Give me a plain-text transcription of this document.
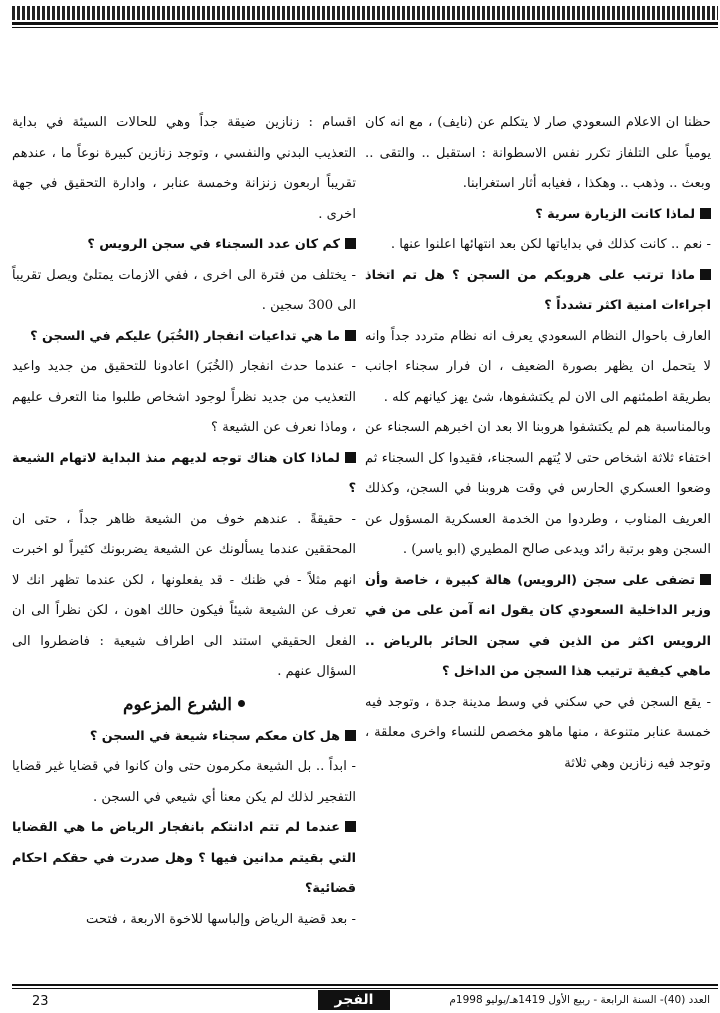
حظنا ان الاعلام السعودي صار لا يتكلم عن (نايف) ، مع انه كان يومياً على التلفاز تكرر نفس الاسطوانة : استقبل .. والتقى .. وبعث .. وذهب .. وهكذا ، فغيابه أثار استغرابنا.

لماذا كانت الزيارة سرية ؟

- نعم .. كانت كذلك في بداياتها لكن بعد انتهائها اعلنوا عنها .

ماذا ترتب على هروبكم من السجن ؟ هل تم اتخاذ اجراءات امنية اكثر تشدداً ؟

العارف باحوال النظام السعودي يعرف انه نظام متردد جداً وانه لا يتحمل ان يظهر بصورة الضعيف ، ان فرار سجناء اجانب بطريقة اطمئنهم الى الان لم يكتشفوها، شئ يهز كيانهم كله .

وبالمناسبة هم لم يكتشفوا هروبنا الا بعد ان اخبرهم السجناء عن اختفاء ثلاثة اشخاص حتى لا يُتهم السجناء، فقيدوا كل السجناء ثم وضعوا العسكري الحارس في وقت هروبنا في السجن، وكذلك العريف المناوب ، وطردوا من الخدمة العسكرية المسؤول عن السجن وهو برتبة رائد ويدعى صالح المطيري (ابو ياسر) .

تضفى على سجن (الرويس) هالة كبيرة ، خاصة وأن وزير الداخلية السعودي كان يقول انه آمن على من في الرويس اكثر من الذين في سجن الحائر بالرياض .. ماهي كيفية ترتيب هذا السجن من الداخل ؟

- يقع السجن في حي سكني في وسط مدينة جدة ، وتوجد فيه خمسة عنابر متنوعة ، منها ماهو مخصص للنساء واخرى معلقة ، وتوجد فيه زنازين وهي ثلاثة

اقسام : زنازين ضيقة جداً وهي للحالات السيئة في بداية التعذيب البدني والنفسي ، وتوجد زنازين كبيرة نوعاً ما ، عندهم تقريباً اربعون زنزانة وخمسة عنابر ، وادارة التحقيق في جهة اخرى .

كم كان عدد السجناء في سجن الرويس ؟

- يختلف من فترة الى اخرى ، ففي الازمات يمتلئ ويصل تقريباً الى 300 سجين .

ما هي تداعيات انفجار (الخُبَر) عليكم في السجن ؟

- عندما حدث انفجار (الخُبَر) اعادونا للتحقيق من جديد واعيد التعذيب من جديد نظراً لوجود اشخاص طلبوا منا التعرف عليهم ، وماذا نعرف عن الشيعة ؟

لماذا كان هناك توجه لديهم منذ البداية لاتهام الشيعة ؟

- حقيقةً . عندهم خوف من الشيعة ظاهر جداً ، حتى ان المحققين عندما يسألونك عن الشيعة يضربونك كثيراً لو اخبرت انهم مثلاً - في ظنك - قد يفعلونها ، لكن عندما تظهر انك لا تعرف عن الشيعة شيئاً فيكون حالك اهون ، لكن نظراً الى ان الفعل الحقيقي استند الى اطراف شيعية : فاضطروا الى السؤال عنهم .

الشرع المزعوم

هل كان معكم سجناء شيعة في السجن ؟

- ابداً .. بل الشيعة مكرمون حتى وان كانوا في قضايا غير قضايا التفجير لذلك لم يكن معنا أي شيعي في السجن .

عندما لم تتم ادانتكم بانفجار الرياض ما هي القضايا التي بقيتم مدانين فيها ؟ وهل صدرت في حقكم احكام قضائية؟

- بعد قضية الرياض وإلباسها للاخوة الاربعة ، فتحت

23	الفجر	العدد (40)- السنة الرابعة - ربيع الأول 1419هـ/يوليو 1998م
